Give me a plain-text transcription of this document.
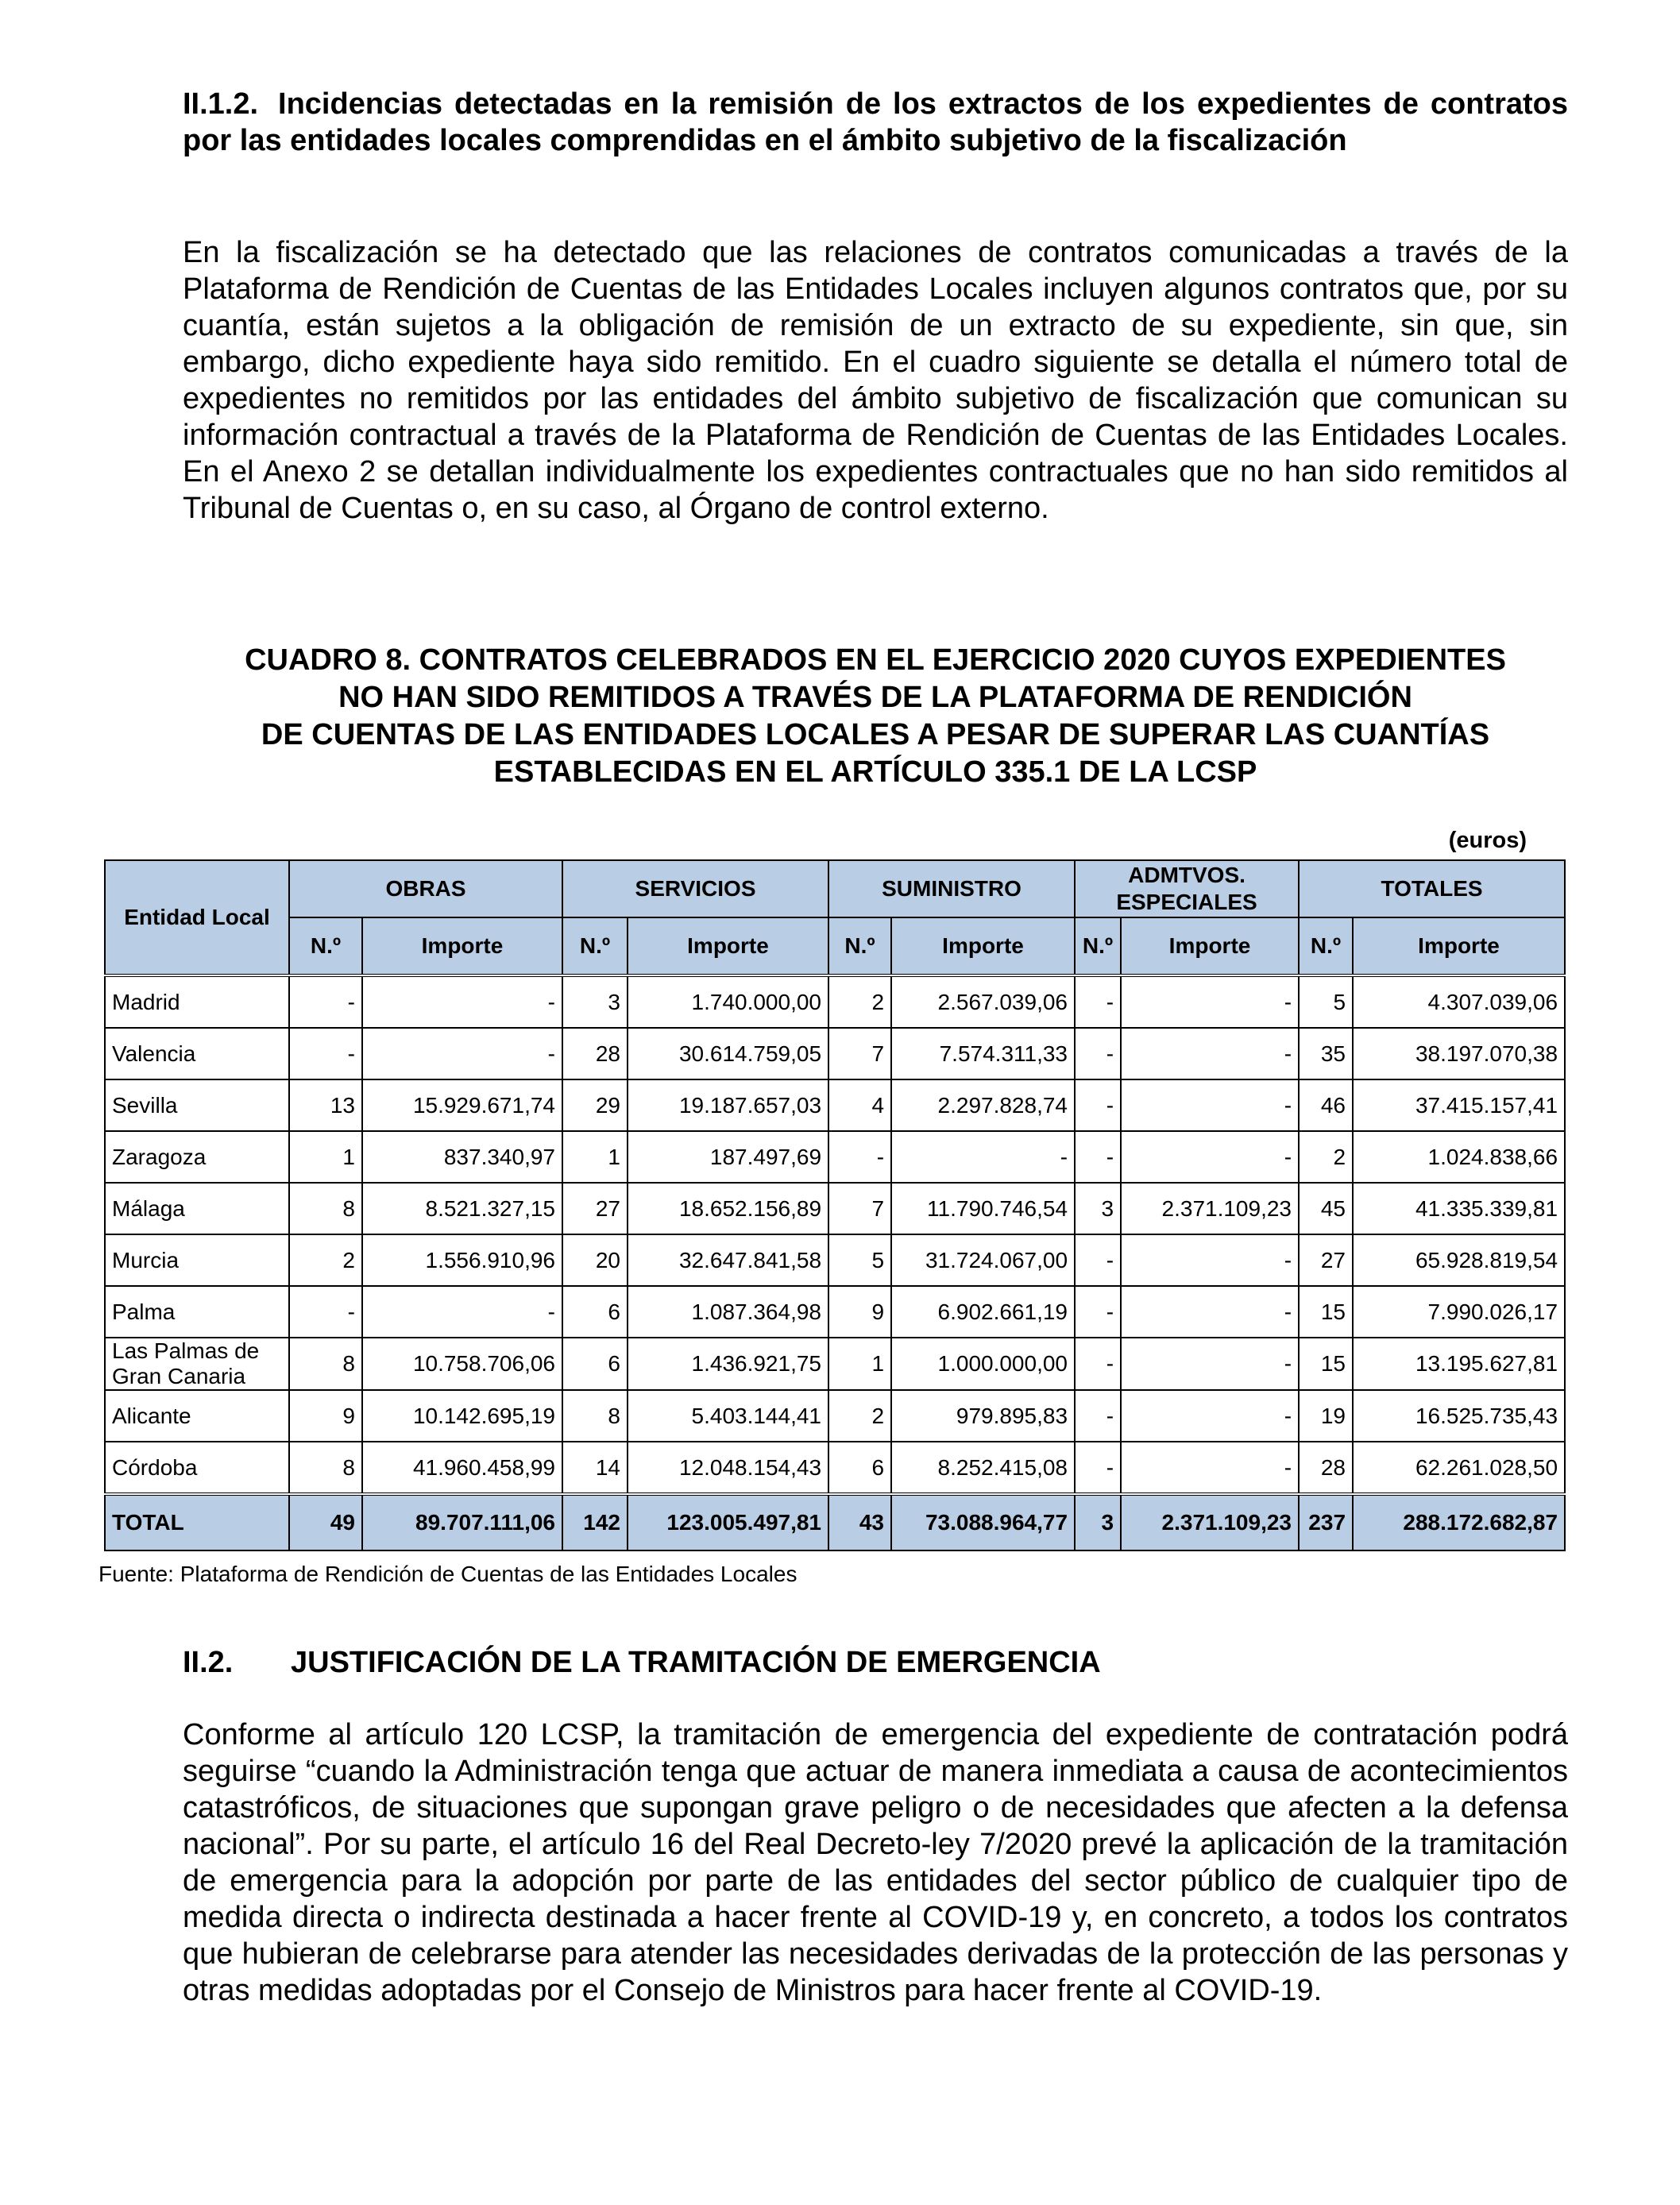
II.1.2. Incidencias detectadas en la remisión de los extractos de los expedientes de contratos por las entidades locales comprendidas en el ámbito subjetivo de la fiscalización

En la fiscalización se ha detectado que las relaciones de contratos comunicadas a través de la Plataforma de Rendición de Cuentas de las Entidades Locales incluyen algunos contratos que, por su cuantía, están sujetos a la obligación de remisión de un extracto de su expediente, sin que, sin embargo, dicho expediente haya sido remitido. En el cuadro siguiente se detalla el número total de expedientes no remitidos por las entidades del ámbito subjetivo de fiscalización que comunican su información contractual a través de la Plataforma de Rendición de Cuentas de las Entidades Locales. En el Anexo 2 se detallan individualmente los expedientes contractuales que no han sido remitidos al Tribunal de Cuentas o, en su caso, al Órgano de control externo.

CUADRO 8. CONTRATOS CELEBRADOS EN EL EJERCICIO 2020 CUYOS EXPEDIENTES
NO HAN SIDO REMITIDOS A TRAVÉS DE LA PLATAFORMA DE RENDICIÓN
DE CUENTAS DE LAS ENTIDADES LOCALES A PESAR DE SUPERAR LAS CUANTÍAS
ESTABLECIDAS EN EL ARTÍCULO 335.1 DE LA LCSP
(euros)
Entidad Local	OBRAS		SERVICIOS		SUMINISTRO		ADMTVOS. ESPECIALES		TOTALES	
	N.º	Importe	N.º	Importe	N.º	Importe	N.º	Importe	N.º	Importe
Madrid	-	-	3	1.740.000,00	2	2.567.039,06	-	-	5	4.307.039,06
Valencia	-	-	28	30.614.759,05	7	7.574.311,33	-	-	35	38.197.070,38
Sevilla	13	15.929.671,74	29	19.187.657,03	4	2.297.828,74	-	-	46	37.415.157,41
Zaragoza	1	837.340,97	1	187.497,69	-	-	-	-	2	1.024.838,66
Málaga	8	8.521.327,15	27	18.652.156,89	7	11.790.746,54	3	2.371.109,23	45	41.335.339,81
Murcia	2	1.556.910,96	20	32.647.841,58	5	31.724.067,00	-	-	27	65.928.819,54
Palma	-	-	6	1.087.364,98	9	6.902.661,19	-	-	15	7.990.026,17
Las Palmas de Gran Canaria	8	10.758.706,06	6	1.436.921,75	1	1.000.000,00	-	-	15	13.195.627,81
Alicante	9	10.142.695,19	8	5.403.144,41	2	979.895,83	-	-	19	16.525.735,43
Córdoba	8	41.960.458,99	14	12.048.154,43	6	8.252.415,08	-	-	28	62.261.028,50
TOTAL	49	89.707.111,06	142	123.005.497,81	43	73.088.964,77	3	2.371.109,23	237	288.172.682,87
Fuente: Plataforma de Rendición de Cuentas de las Entidades Locales
II.2. JUSTIFICACIÓN DE LA TRAMITACIÓN DE EMERGENCIA

Conforme al artículo 120 LCSP, la tramitación de emergencia del expediente de contratación podrá seguirse “cuando la Administración tenga que actuar de manera inmediata a causa de acontecimientos catastróficos, de situaciones que supongan grave peligro o de necesidades que afecten a la defensa nacional”. Por su parte, el artículo 16 del Real Decreto-ley 7/2020 prevé la aplicación de la tramitación de emergencia para la adopción por parte de las entidades del sector público de cualquier tipo de medida directa o indirecta destinada a hacer frente al COVID-19 y, en concreto, a todos los contratos que hubieran de celebrarse para atender las necesidades derivadas de la protección de las personas y otras medidas adoptadas por el Consejo de Ministros para hacer frente al COVID-19.
